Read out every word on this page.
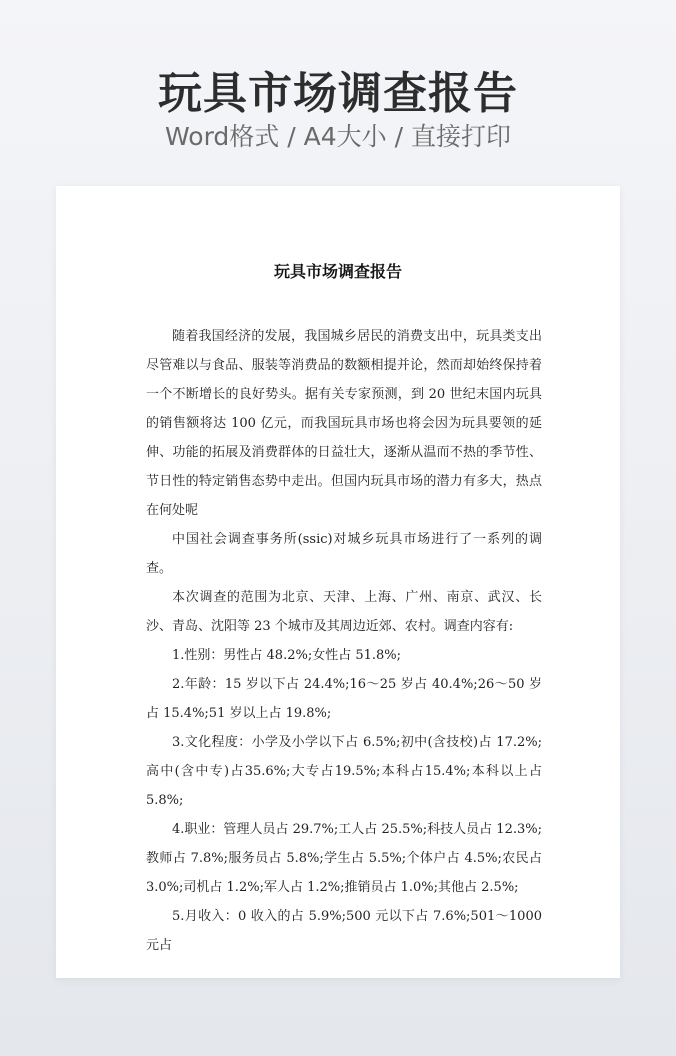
玩具市场调查报告
Word格式 / A4大小 / 直接打印
玩具市场调查报告

随着我国经济的发展，我国城乡居民的消费支出中，玩具类支出尽管难以与食品、服装等消费品的数额相提并论，然而却始终保持着一个不断增长的良好势头。据有关专家预测，到 20 世纪末国内玩具的销售额将达 100 亿元，而我国玩具市场也将会因为玩具要领的延伸、功能的拓展及消费群体的日益壮大，逐渐从温而不热的季节性、节日性的特定销售态势中走出。但国内玩具市场的潜力有多大，热点在何处呢

中国社会调查事务所(ssic)对城乡玩具市场进行了一系列的调查。

本次调查的范围为北京、天津、上海、广州、南京、武汉、长沙、青岛、沈阳等 23 个城市及其周边近郊、农村。调查内容有:

1.性别：男性占 48.2%;女性占 51.8%;

2.年龄：15 岁以下占 24.4%;16～25 岁占 40.4%;26～50 岁占 15.4%;51 岁以上占 19.8%;

3.文化程度：小学及小学以下占 6.5%;初中(含技校)占 17.2%;高中(含中专)占35.6%;大专占19.5%;本科占15.4%;本科以上占5.8%;

4.职业：管理人员占 29.7%;工人占 25.5%;科技人员占 12.3%;教师占 7.8%;服务员占 5.8%;学生占 5.5%;个体户占 4.5%;农民占 3.0%;司机占 1.2%;军人占 1.2%;推销员占 1.0%;其他占 2.5%;

5.月收入：0 收入的占 5.9%;500 元以下占 7.6%;501～1000 元占
